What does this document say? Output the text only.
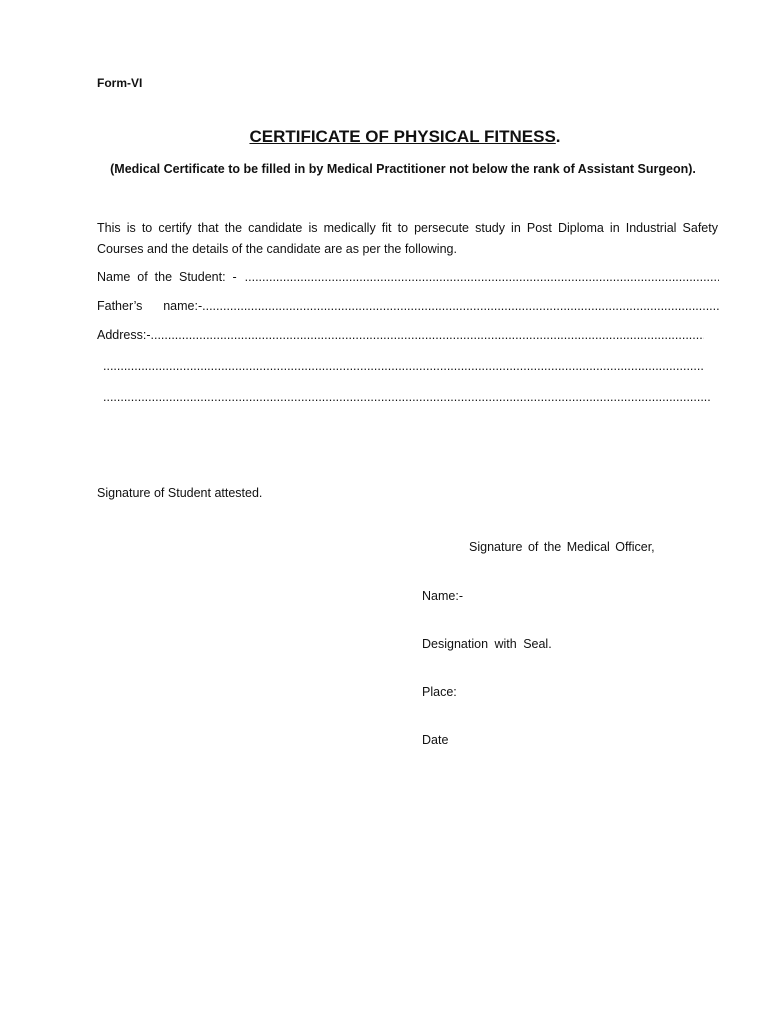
Form-VI
CERTIFICATE OF PHYSICAL FITNESS.
(Medical Certificate to be filled in by Medical Practitioner not below the rank of Assistant Surgeon).
This is to certify that the candidate is medically fit to persecute study in Post Diploma in Industrial Safety Courses and the details of the candidate are as per the following.
Name  of  the  Student:  -
.....
Father’s      name:-
.....
Address:-
.....
.....
.....
Signature of Student attested.
Signature of the Medical Officer,
Name:-
Designation with Seal.
Place:
Date
